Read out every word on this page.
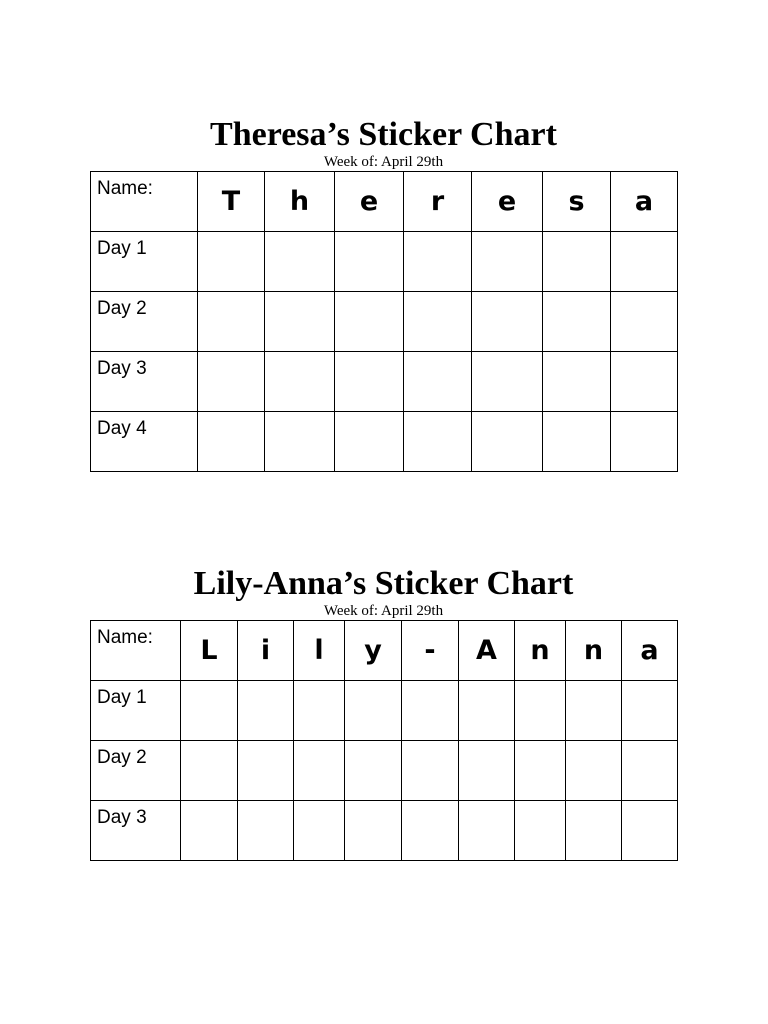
Theresa’s Sticker Chart
Week of: April 29th
Name:	T	h	e	r	e	s	a
Day 1							
Day 2							
Day 3							
Day 4							
Lily-Anna’s Sticker Chart
Week of: April 29th
Name:	L	i	l	y	-	A	n	n	a
Day 1									
Day 2									
Day 3									
